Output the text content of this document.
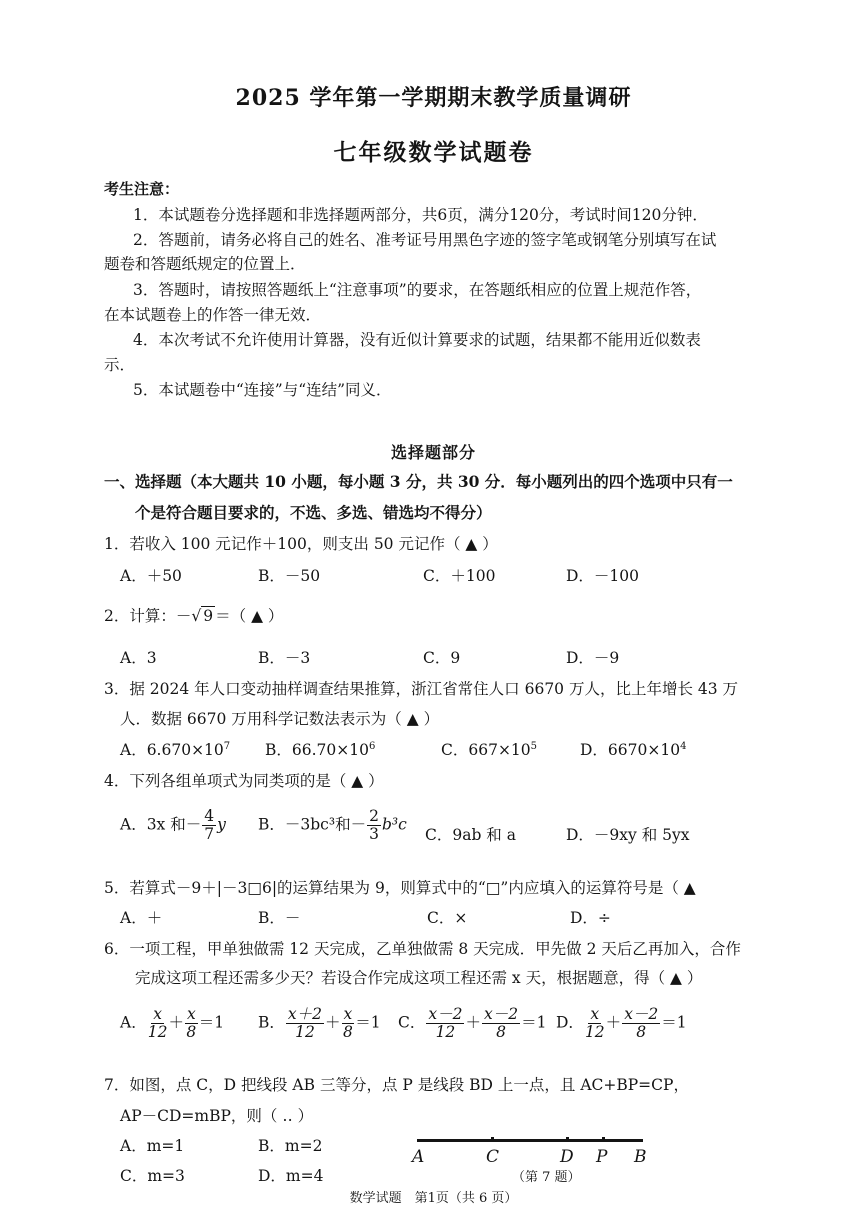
2025 学年第一学期期末教学质量调研
七年级数学试题卷
考生注意：
1．本试题卷分选择题和非选择题两部分，共6页，满分120分，考试时间120分钟．
2．答题前，请务必将自己的姓名、准考证号用黑色字迹的签字笔或钢笔分别填写在试
题卷和答题纸规定的位置上．
3．答题时，请按照答题纸上“注意事项”的要求，在答题纸相应的位置上规范作答，
在本试题卷上的作答一律无效．
4．本次考试不允许使用计算器，没有近似计算要求的试题，结果都不能用近似数表
示．
5．本试题卷中“连接”与“连结”同义．
选择题部分
一、选择题（本大题共 10 小题，每小题 3 分，共 30 分．每小题列出的四个选项中只有一
个是符合题目要求的，不选、多选、错选均不得分）
1．若收入 100 元记作＋100，则支出 50 元记作（ ▲ ）
A．＋50	B．－50	C．＋100	D．－100
2．计算：－√ 9 ＝（ ▲ ）
A．3	B．－3	C．9	D．－9
3．据 2024 年人口变动抽样调查结果推算，浙江省常住人口 6670 万人，比上年增长 43 万
人．数据 6670 万用科学记数法表示为（ ▲ ）
A．$6.670\times 10^7$ B．$66.70\times 10^6$	C．$667\times 10^5$	D．$6670\times 10^4$
4．下列各组单项式为同类项的是（ ▲ ）
A．3x 和－ $\frac{4}{7}$ y B．－3bc³和－ $\frac{2}{3} b^3c$
C．9ab 和 a	D．－9xy 和 5yx
5．若算式－9＋|－3□6|的运算结果为 9，则算式中的“□”内应填入的运算符号是（ ▲
A．＋	B．－	C．×	D．÷
6．一项工程，甲单独做需 12 天完成，乙单独做需 8 天完成．甲先做 2 天后乙再加入，合作
完成这项工程还需多少天？若设合作完成这项工程还需 x 天，根据题意，得（ ▲ ）
A． $\frac{x}{12} + \frac{x}{8} =1$ B． $\frac{x+2}{12} + \frac{x}{8} =1$ C． $\frac{x-2}{12} + \frac{x-2}{8} =1$ D． $\frac{x}{12} + \frac{x-2}{8} =1$
7．如图，点 C，D 把线段 AB 三等分，点 P 是线段 BD 上一点，且 AC+BP=CP，
AP－CD=mBP，则（ ‥ ）
A．m=1	B．m=2
C．m=3	D．m=4
A	C	D P B
（第 7 题）
数学试题　第1页（共 6 页）
